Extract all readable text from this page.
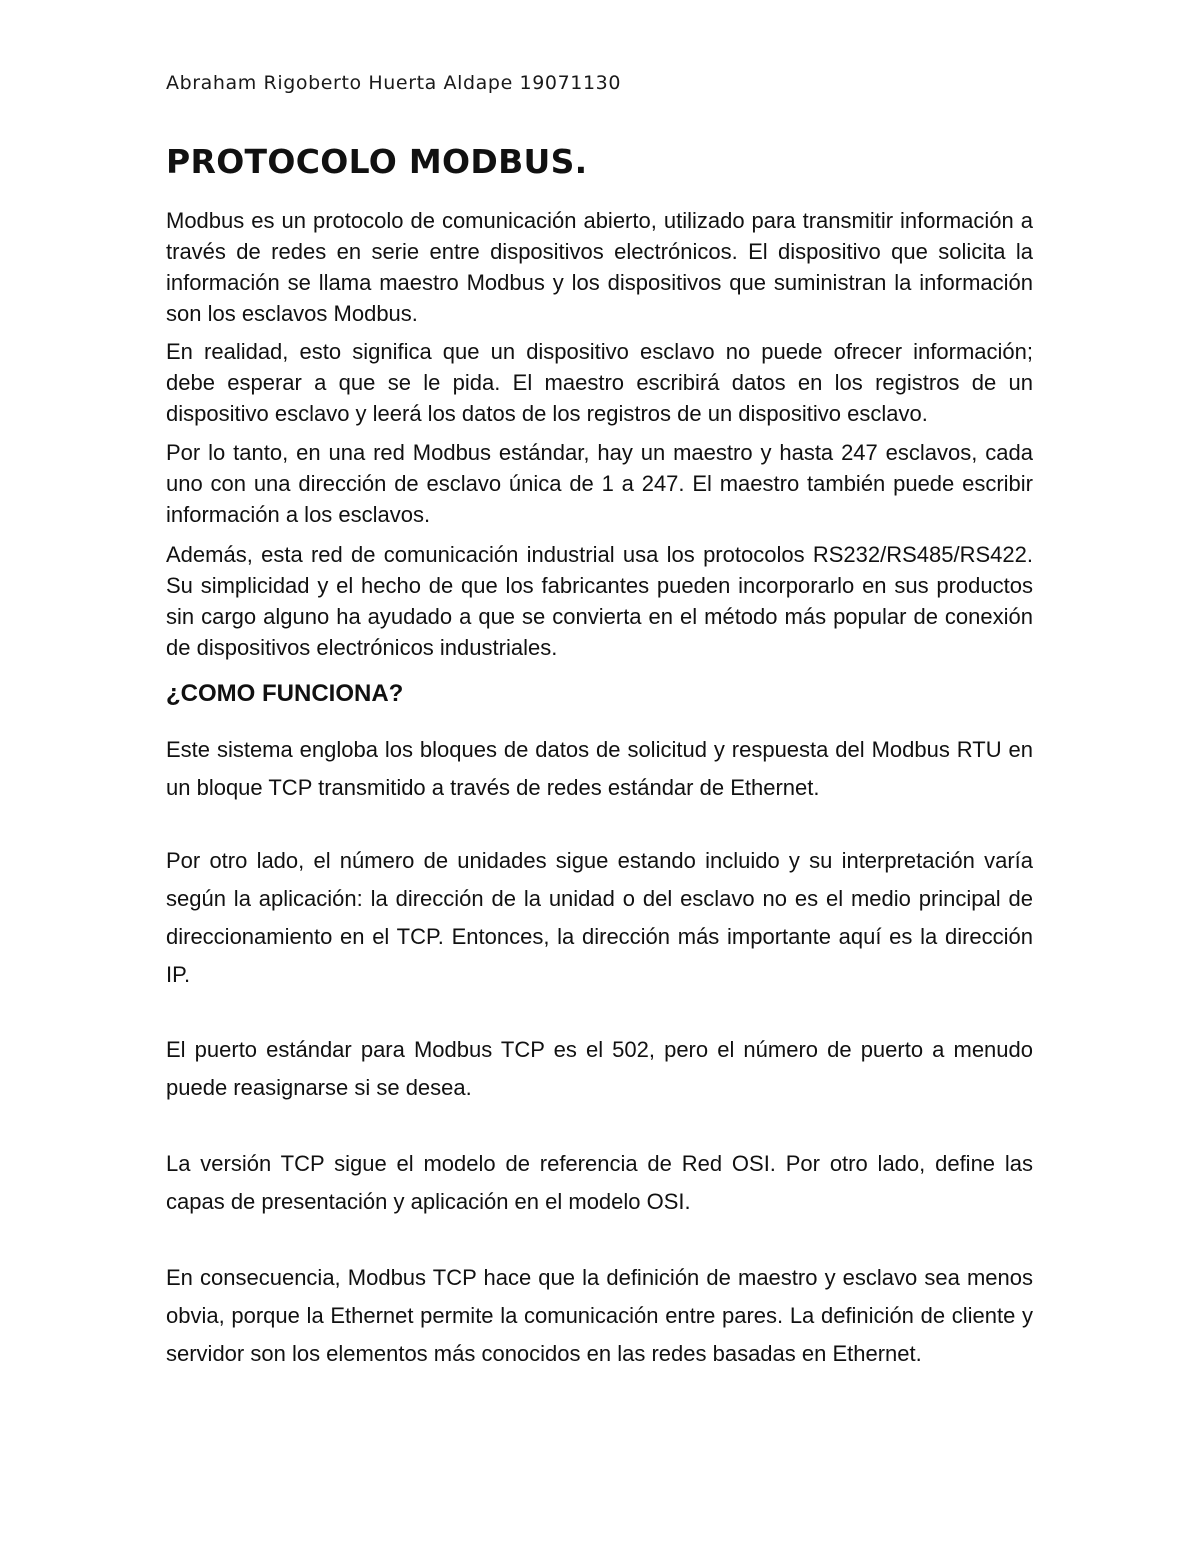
Abraham Rigoberto Huerta Aldape 19071130
PROTOCOLO MODBUS.

Modbus es un protocolo de comunicación abierto, utilizado para transmitir información a través de redes en serie entre dispositivos electrónicos. El dispositivo que solicita la información se llama maestro Modbus y los dispositivos que suministran la información son los esclavos Modbus.

En realidad, esto significa que un dispositivo esclavo no puede ofrecer información; debe esperar a que se le pida. El maestro escribirá datos en los registros de un dispositivo esclavo y leerá los datos de los registros de un dispositivo esclavo.

Por lo tanto, en una red Modbus estándar, hay un maestro y hasta 247 esclavos, cada uno con una dirección de esclavo única de 1 a 247. El maestro también puede escribir información a los esclavos.

Además, esta red de comunicación industrial usa los protocolos RS232/RS485/RS422. Su simplicidad y el hecho de que los fabricantes pueden incorporarlo en sus productos sin cargo alguno ha ayudado a que se convierta en el método más popular de conexión de dispositivos electrónicos industriales.

¿COMO FUNCIONA?

Este sistema engloba los bloques de datos de solicitud y respuesta del Modbus RTU en un bloque TCP transmitido a través de redes estándar de Ethernet.

Por otro lado, el número de unidades sigue estando incluido y su interpretación varía según la aplicación: la dirección de la unidad o del esclavo no es el medio principal de direccionamiento en el TCP. Entonces, la dirección más importante aquí es la dirección IP.

El puerto estándar para Modbus TCP es el 502, pero el número de puerto a menudo puede reasignarse si se desea.

La versión TCP sigue el modelo de referencia de Red OSI. Por otro lado, define las capas de presentación y aplicación en el modelo OSI.

En consecuencia, Modbus TCP hace que la definición de maestro y esclavo sea menos obvia, porque la Ethernet permite la comunicación entre pares. La definición de cliente y servidor son los elementos más conocidos en las redes basadas en Ethernet.
